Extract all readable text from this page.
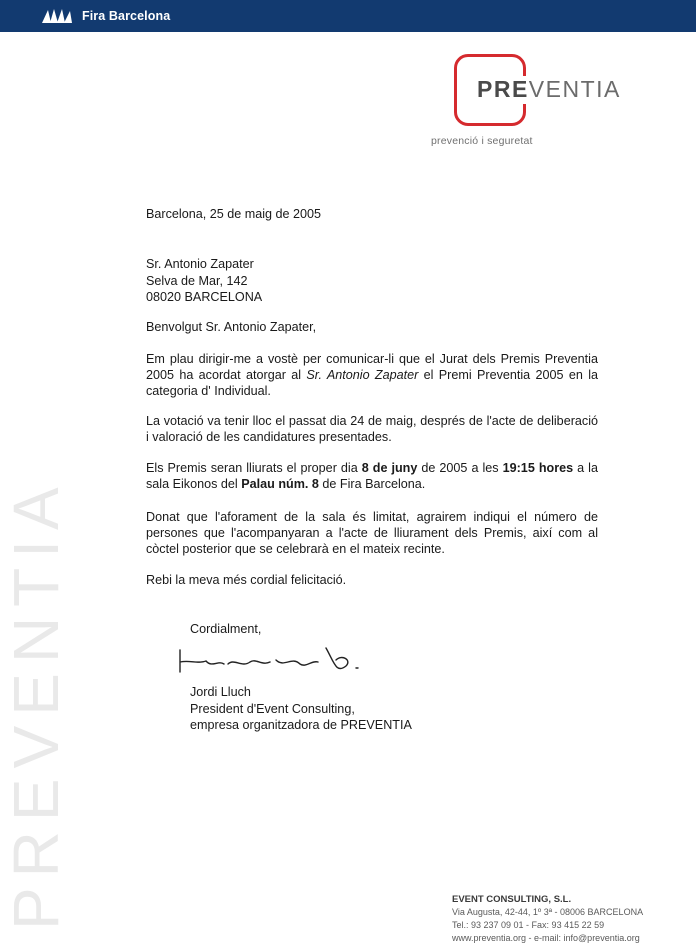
Fira Barcelona
PREVENTIA
prevenció i seguretat
PREVENTIA
Barcelona, 25 de maig de 2005
Sr. Antonio Zapater
Selva de Mar, 142
08020 BARCELONA
Benvolgut Sr. Antonio Zapater,
Em plau dirigir-me a vostè per comunicar-li que el Jurat dels Premis Preventia 2005 ha acordat atorgar al Sr. Antonio Zapater el Premi Preventia 2005 en la categoria d' Individual.
La votació va tenir lloc el passat dia 24 de maig, després de l'acte de deliberació i valoració de les candidatures presentades.
Els Premis seran lliurats el proper dia 8 de juny de 2005 a les 19:15 hores a la sala Eikonos del Palau núm. 8 de Fira Barcelona.
Donat que l'aforament de la sala és limitat, agrairem indiqui el número de persones que l'acompanyaran a l'acte de lliurament dels Premis, així com al còctel posterior que se celebrarà en el mateix recinte.
Rebi la meva més cordial felicitació.
Cordialment,
Jordi Lluch
President d'Event Consulting,
empresa organitzadora de PREVENTIA
EVENT CONSULTING, S.L.
Via Augusta, 42-44, 1º 3ª - 08006 BARCELONA
Tel.: 93 237 09 01 - Fax: 93 415 22 59
www.preventia.org - e-mail: info@preventia.org
